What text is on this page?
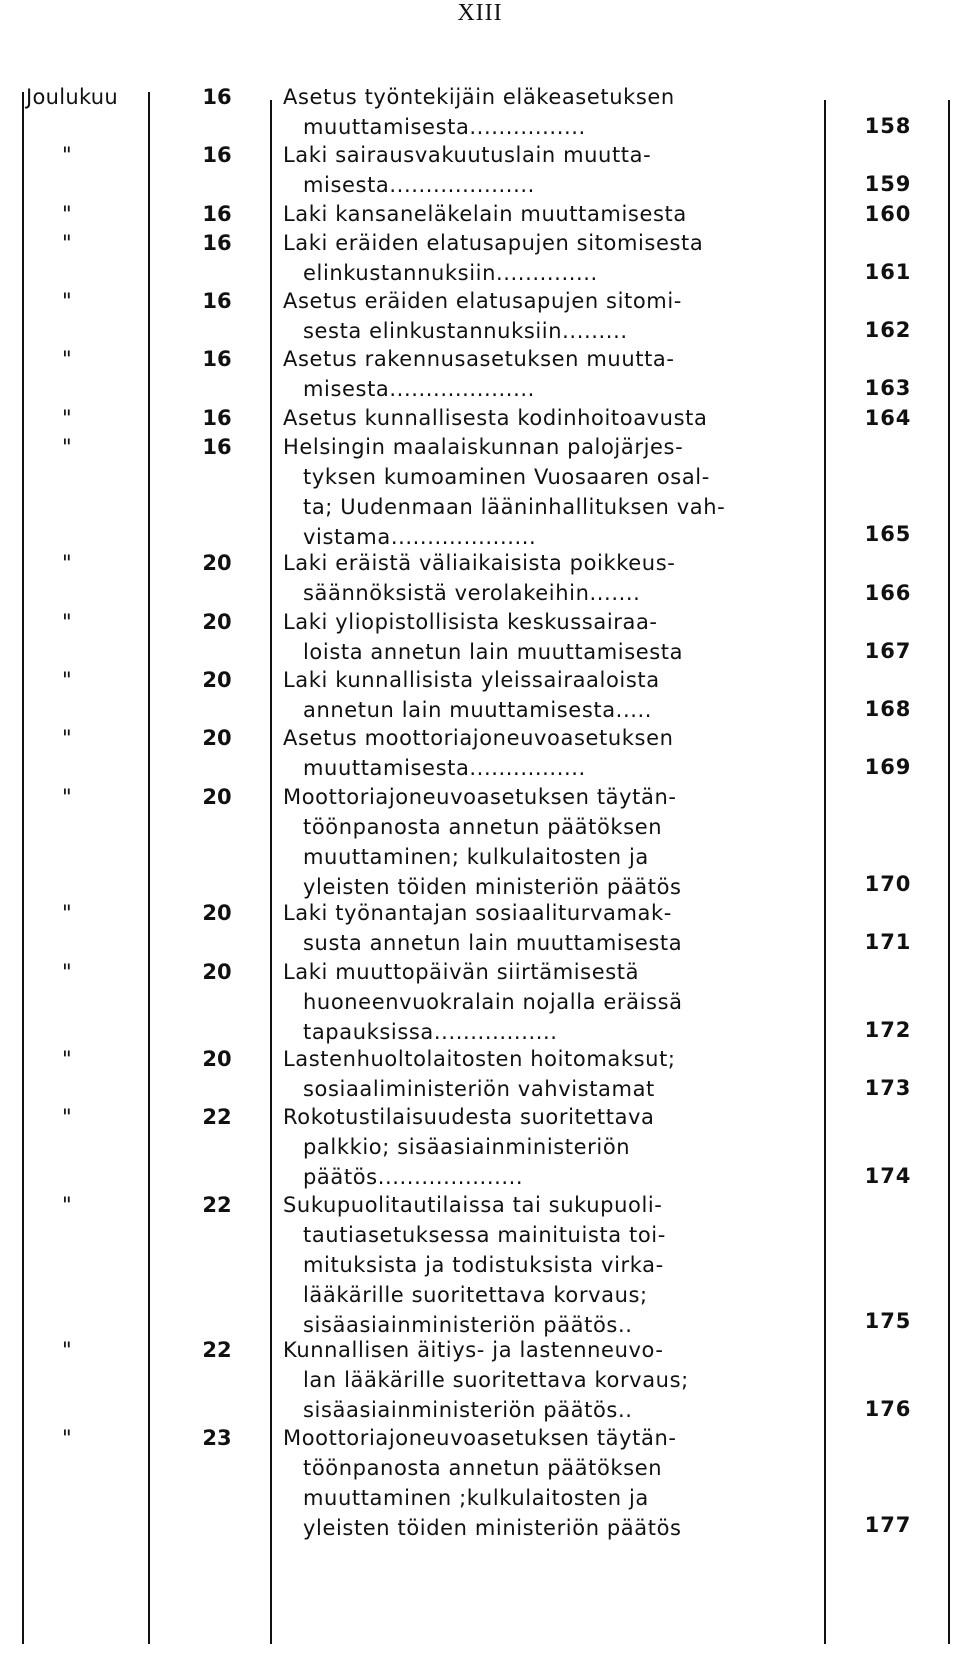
XIII
Joulukuu	16	Asetus työntekijäin eläkeasetuksen
muuttamisesta................	158
"	16	Laki sairausvakuutuslain muutta-
misesta....................	159
"	16	Laki kansaneläkelain muuttamisesta	160
"	16	Laki eräiden elatusapujen sitomisesta
elinkustannuksiin..............	161
"	16	Asetus eräiden elatusapujen sitomi-
sesta elinkustannuksiin.........	162
"	16	Asetus rakennusasetuksen muutta-
misesta....................	163
"	16	Asetus kunnallisesta kodinhoitoavusta	164
"	16	Helsingin maalaiskunnan palojärjes-
tyksen kumoaminen Vuosaaren osal-
ta; Uudenmaan lääninhallituksen vah-
vistama....................	165
"	20	Laki eräistä väliaikaisista poikkeus-
säännöksistä verolakeihin.......	166
"	20	Laki yliopistollisista keskussairaa-
loista annetun lain muuttamisesta	167
"	20	Laki kunnallisista yleissairaaloista
annetun lain muuttamisesta.....	168
"	20	Asetus moottoriajoneuvoasetuksen
muuttamisesta................	169
"	20	Moottoriajoneuvoasetuksen täytän-
töönpanosta annetun päätöksen
muuttaminen; kulkulaitosten ja
yleisten töiden ministeriön päätös	170
"	20	Laki työnantajan sosiaaliturvamak-
susta annetun lain muuttamisesta	171
"	20	Laki muuttopäivän siirtämisestä
huoneenvuokralain nojalla eräissä
tapauksissa.................	172
"	20	Lastenhuoltolaitosten hoitomaksut;
sosiaaliministeriön vahvistamat	173
"	22	Rokotustilaisuudesta suoritettava
palkkio; sisäasiainministeriön
päätös....................	174
"	22	Sukupuolitautilaissa tai sukupuoli-
tautiasetuksessa mainituista toi-
mituksista ja todistuksista virka-
lääkärille suoritettava korvaus;
sisäasiainministeriön päätös..	175
"	22	Kunnallisen äitiys- ja lastenneuvo-
lan lääkärille suoritettava korvaus;
sisäasiainministeriön päätös..	176
"	23	Moottoriajoneuvoasetuksen täytän-
töönpanosta annetun päätöksen
muuttaminen ;kulkulaitosten ja
yleisten töiden ministeriön päätös	177
